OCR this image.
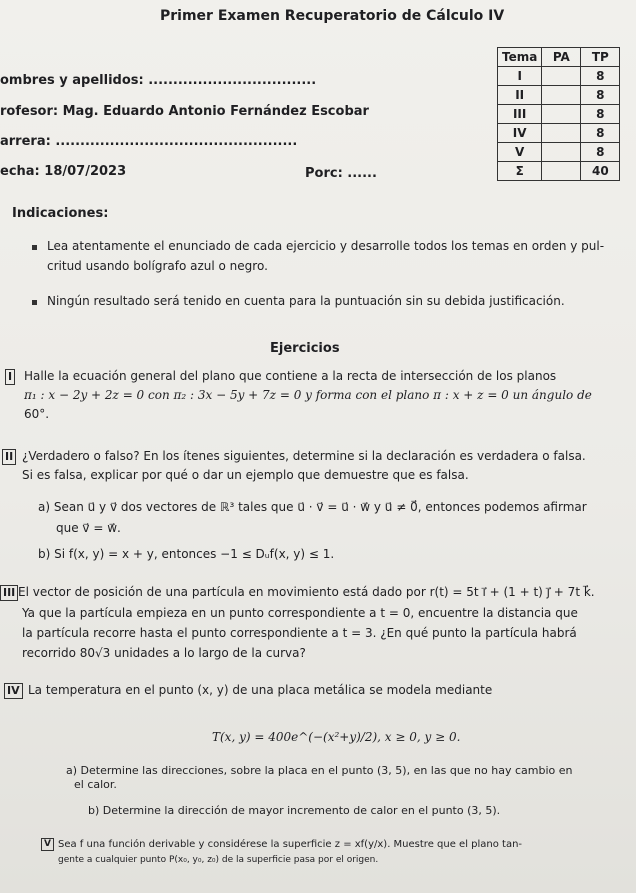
Primer Examen Recuperatorio de Cálculo IV
ombres y apellidos: ..................................
rofesor: Mag. Eduardo Antonio Fernández Escobar
arrera: .................................................
echa: 18/07/2023	Porc: ......
Tema	PA	TP
I		8
II		8
III		8
IV		8
V		8
Σ		40
Indicaciones:
Lea atentamente el enunciado de cada ejercicio y desarrolle todos los temas en orden y pul-
critud usando bolígrafo azul o negro.
Ningún resultado será tenido en cuenta para la puntuación sin su debida justificación.
Ejercicios
I Halle la ecuación general del plano que contiene a la recta de intersección de los planos
π₁ : x − 2y + 2z = 0 con π₂ : 3x − 5y + 7z = 0 y forma con el plano π : x + z = 0 un ángulo de
60°.
II ¿Verdadero o falso? En los ítenes siguientes, determine si la declaración es verdadera o falsa.
Si es falsa, explicar por qué o dar un ejemplo que demuestre que es falsa.
a) Sean u⃗ y v⃗ dos vectores de ℝ³ tales que u⃗ · v⃗ = u⃗ · w⃗ y u⃗ ≠ 0⃗, entonces podemos afirmar
que v⃗ = w⃗.
b) Si f(x, y) = x + y, entonces −1 ≤ Dᵤf(x, y) ≤ 1.
III El vector de posición de una partícula en movimiento está dado por r(t) = 5t i⃗ + (1 + t) j⃗ + 7t k⃗.
Ya que la partícula empieza en un punto correspondiente a t = 0, encuentre la distancia que
la partícula recorre hasta el punto correspondiente a t = 3. ¿En qué punto la partícula habrá
recorrido 80√3 unidades a lo largo de la curva?
IV La temperatura en el punto (x, y) de una placa metálica se modela mediante
T(x, y) = 400e^(−(x²+y)/2), x ≥ 0, y ≥ 0.
a) Determine las direcciones, sobre la placa en el punto (3, 5), en las que no hay cambio en
el calor.
b) Determine la dirección de mayor incremento de calor en el punto (3, 5).
V Sea f una función derivable y considérese la superficie z = xf(y/x). Muestre que el plano tan-
gente a cualquier punto P(x₀, y₀, z₀) de la superficie pasa por el origen.
